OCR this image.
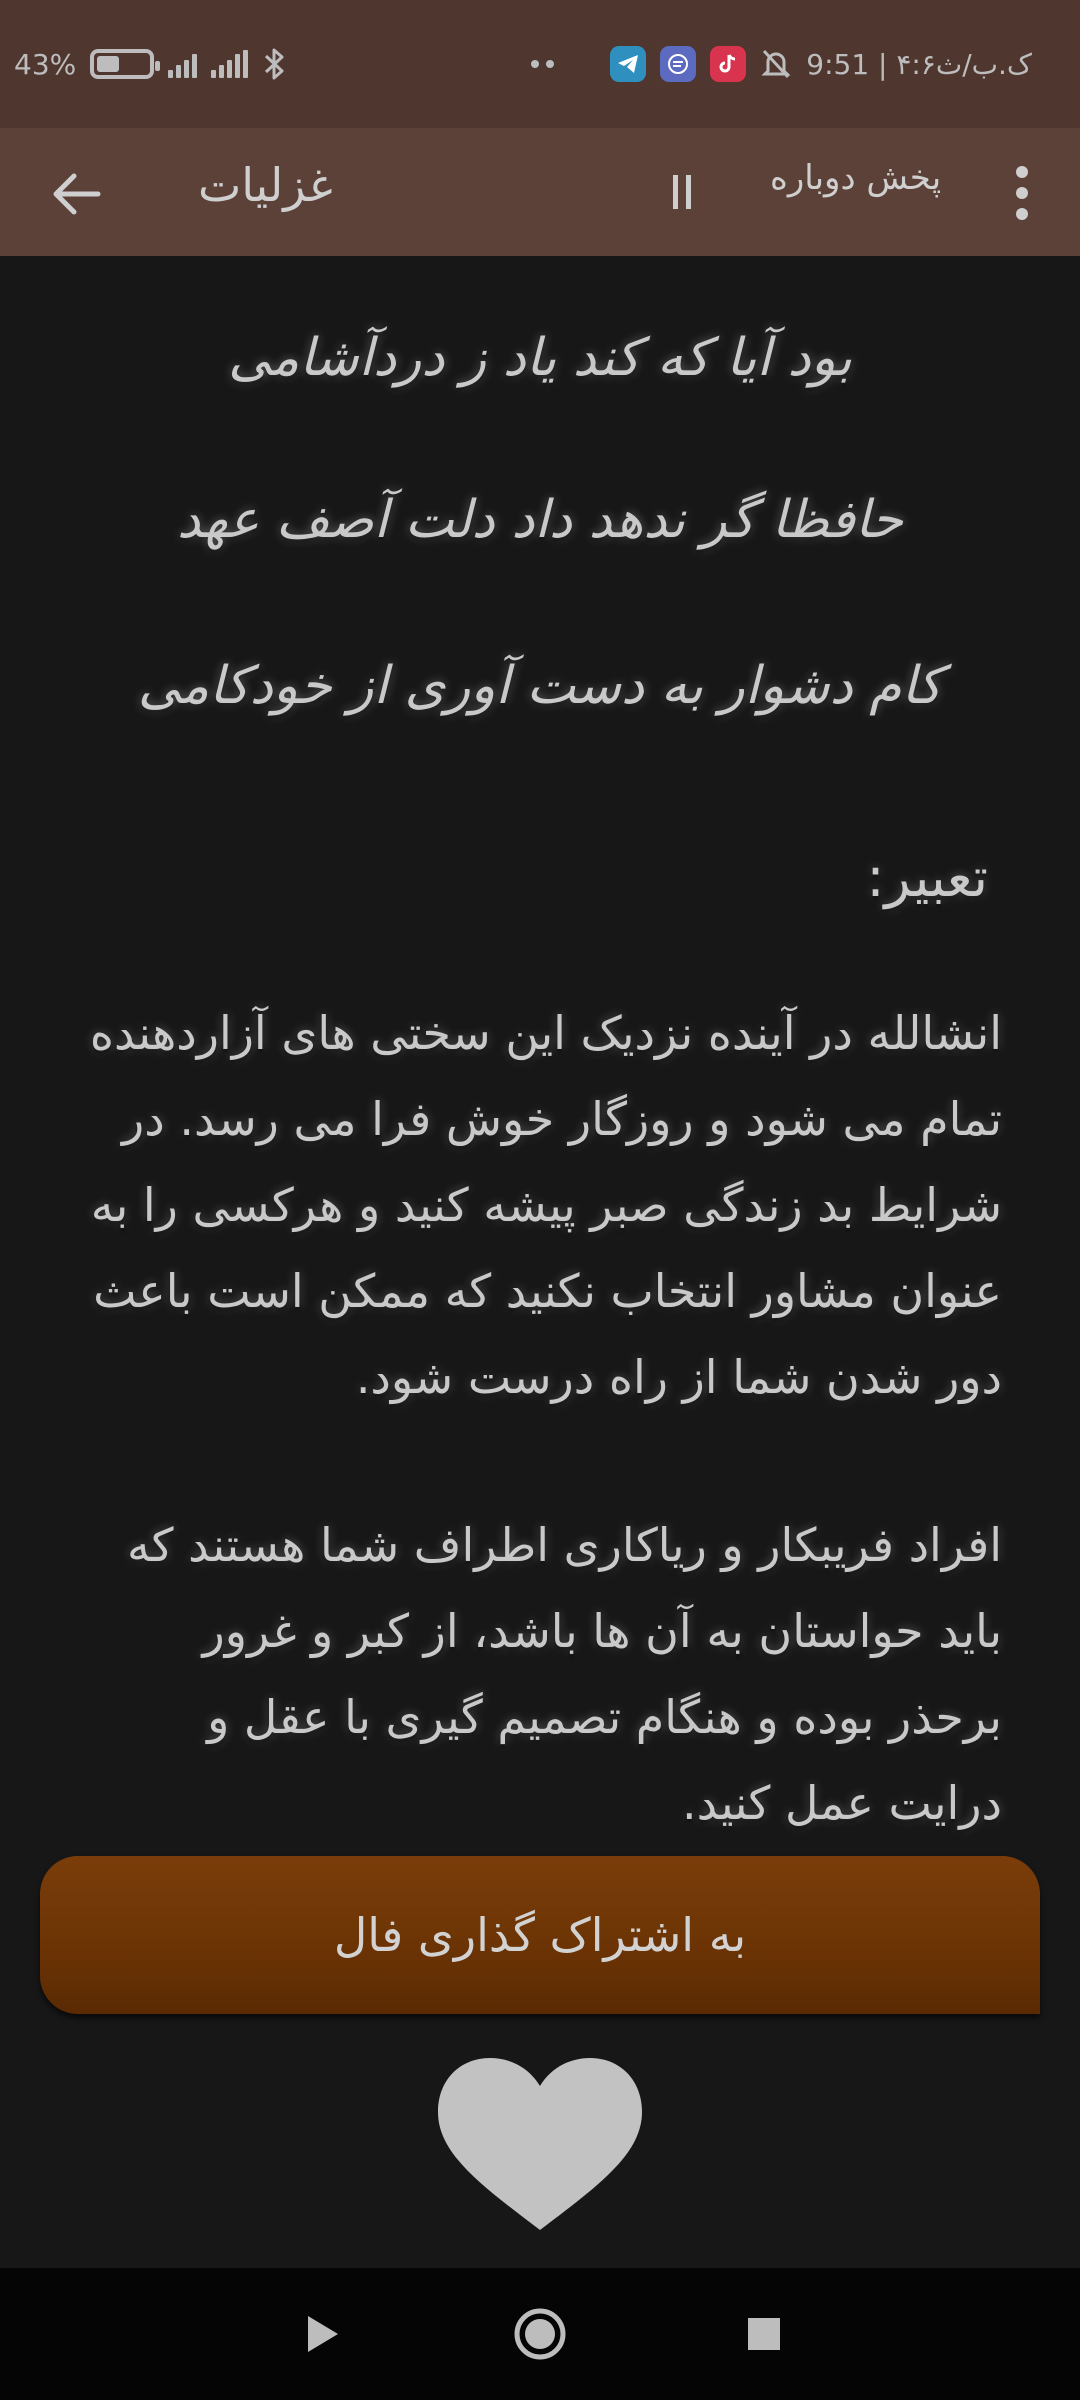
43%	9:51 | ۴:۶ک.ب/ث
غزلیات	پخش دوباره
بود آیا که کند یاد ز دردآشامی
حافظا گر ندهد داد دلت آصف عهد
کام دشوار به دست آوری از خودکامی
تعبیر:
انشالله در آینده نزدیک این سختی های آزاردهنده تمام می شود و روزگار خوش فرا می رسد. در شرایط بد زندگی صبر پیشه کنید و هرکسی را به عنوان مشاور انتخاب نکنید که ممکن است باعث دور شدن شما از راه درست شود.
افراد فریبکار و ریاکاری اطراف شما هستند که باید حواستان به آن ها باشد، از کبر و غرور برحذر بوده و هنگام تصمیم گیری با عقل و درایت عمل کنید.
به اشتراک گذاری فال
